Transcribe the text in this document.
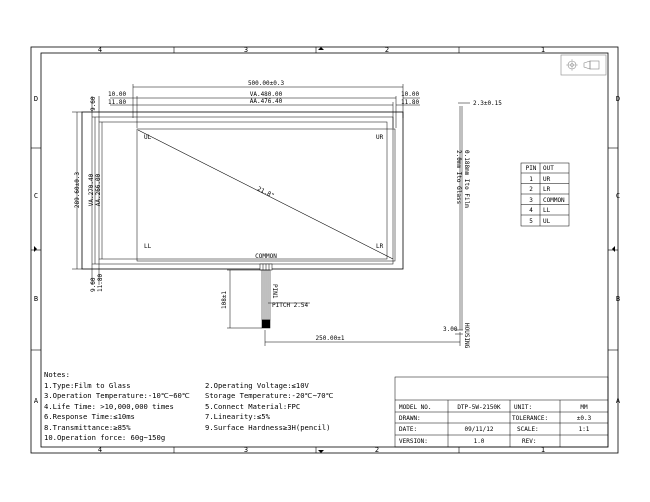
4	3	2	1
4	3	2	1
D
C
B
A
D
C
B
A
UL	UR
LL	LR
21.8"
COMMON
500.00±0.3
VA.480.00
AA.476.40
10.00
11.80
10.00
11.80
9.60
289.60±0.3 VA.270.40 AA.266.00
9.60 11.80
108±1	PIN1
PITCH 2.54
250.00±1
2.3±0.15
0.188mm Ito Film
2.0mm Ito Glass
3.00 HOUSING
PIN OUT
1 UR
2 LR
3 COMMON
4 LL
5 UL
Notes:
1.Type:Film to Glass
3.Operation Temperature:-10℃~60℃
4.Life Time: >10,000,000 times
6.Response Time:≤10ms
8.Transmittance:≥85%
10.Operation force: 60g~150g
2.Operating Voltage:≤10V
Storage Temperature:-20℃~70℃
5.Connect Material:FPC
7.Linearity:≤5%
9.Surface Hardness≥3H(pencil)
MODEL NO.	DTP-5W-2150K UNIT:	MM
DRAWN:	TOLERANCE:	±0.3
DATE:	09/11/12	SCALE:	1:1
VERSION:	1.0	REV:
